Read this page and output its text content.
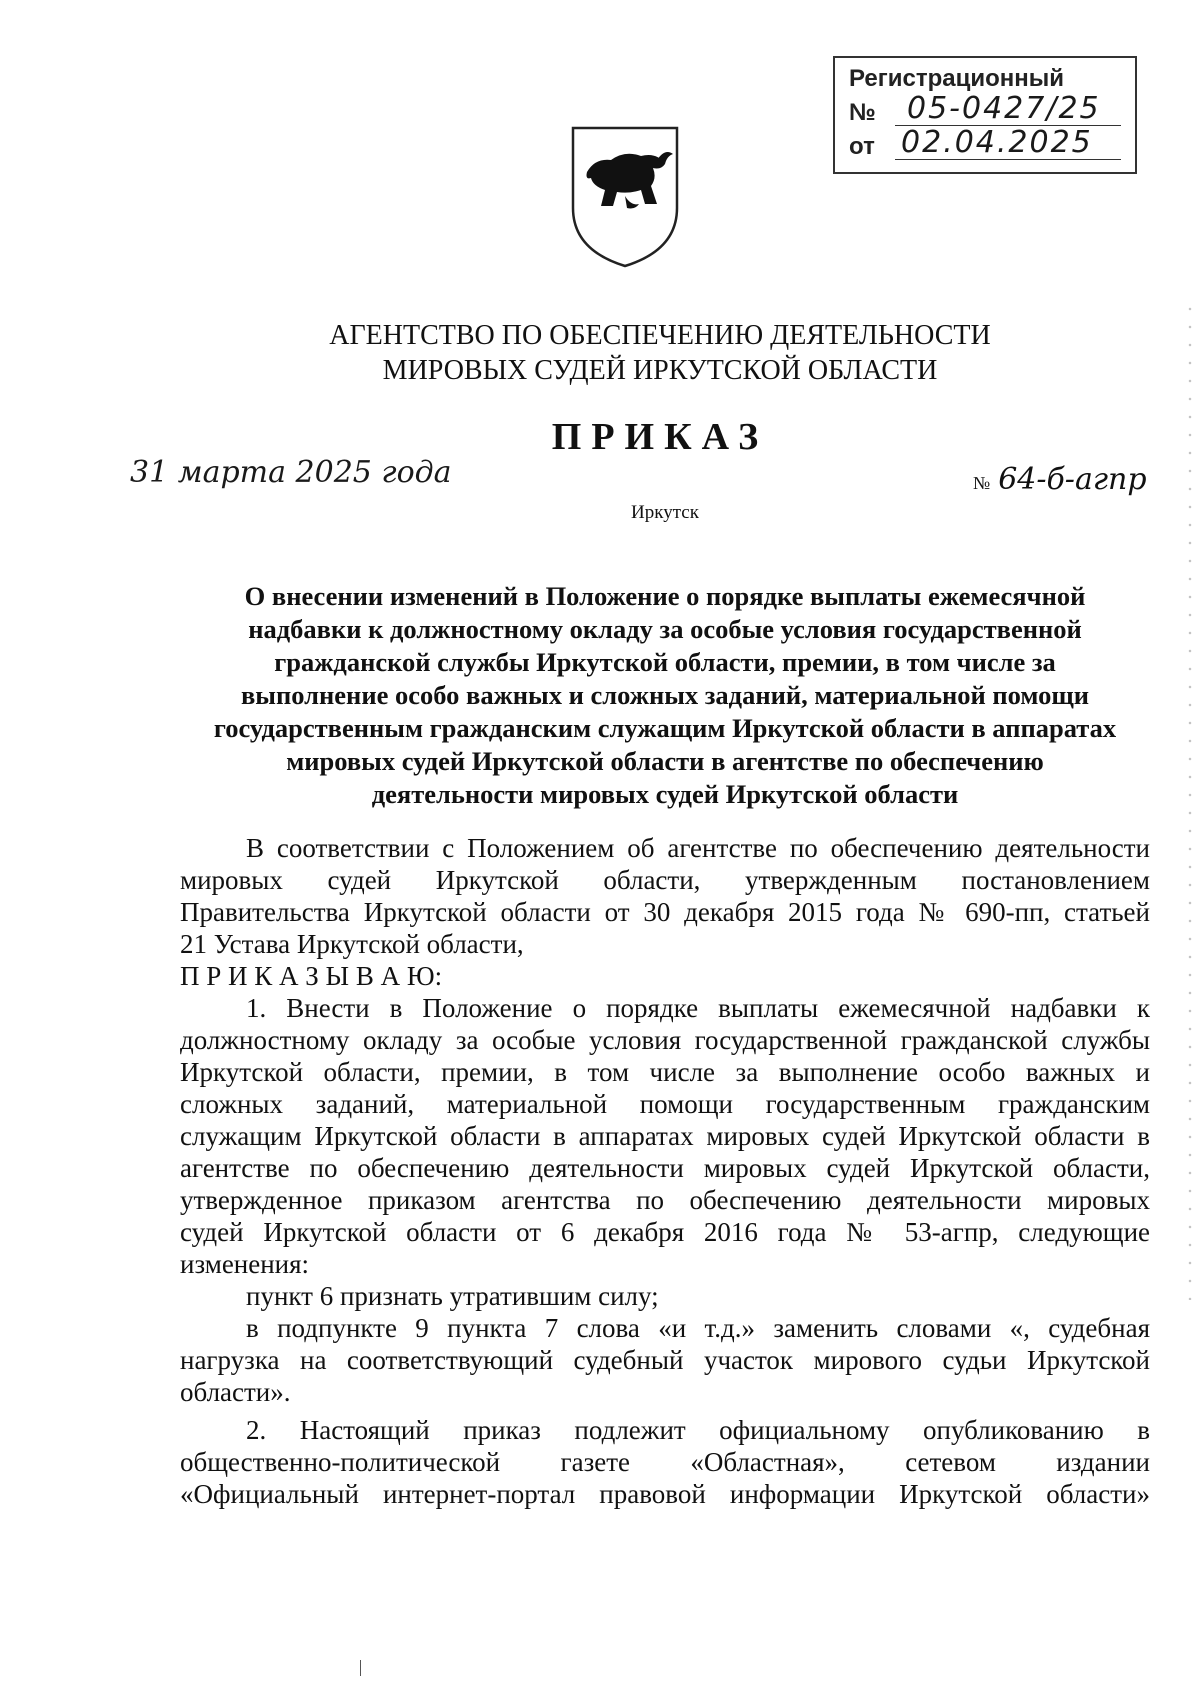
Регистрационный
№ 05-0427/25
от 02.04.2025
АГЕНТСТВО ПО ОБЕСПЕЧЕНИЮ ДЕЯТЕЛЬНОСТИ
МИРОВЫХ СУДЕЙ ИРКУТСКОЙ ОБЛАСТИ
ПРИКАЗ
31 марта 2025 года	№ 64-б-агпр
Иркутск
О внесении изменений в Положение о порядке выплаты ежемесячной
надбавки к должностному окладу за особые условия государственной
гражданской службы Иркутской области, премии, в том числе за
выполнение особо важных и сложных заданий, материальной помощи
государственным гражданским служащим Иркутской области в аппаратах
мировых судей Иркутской области в агентстве по обеспечению
деятельности мировых судей Иркутской области
В соответствии с Положением об агентстве по обеспечению деятельности
мировых судей Иркутской области, утвержденным постановлением
Правительства Иркутской области от 30 декабря 2015 года № 690-пп, статьей
21 Устава Иркутской области,
П Р И К А З Ы В А Ю:
1. Внести в Положение о порядке выплаты ежемесячной надбавки к
должностному окладу за особые условия государственной гражданской службы
Иркутской области, премии, в том числе за выполнение особо важных и
сложных заданий, материальной помощи государственным гражданским
служащим Иркутской области в аппаратах мировых судей Иркутской области в
агентстве по обеспечению деятельности мировых судей Иркутской области,
утвержденное приказом агентства по обеспечению деятельности мировых
судей Иркутской области от 6 декабря 2016 года № 53-агпр, следующие
изменения:
пункт 6 признать утратившим силу;
в подпункте 9 пункта 7 слова «и т.д.» заменить словами «, судебная
нагрузка на соответствующий судебный участок мирового судьи Иркутской
области».
2. Настоящий приказ подлежит официальному опубликованию в
общественно-политической газете «Областная», сетевом издании
«Официальный интернет-портал правовой информации Иркутской области»
